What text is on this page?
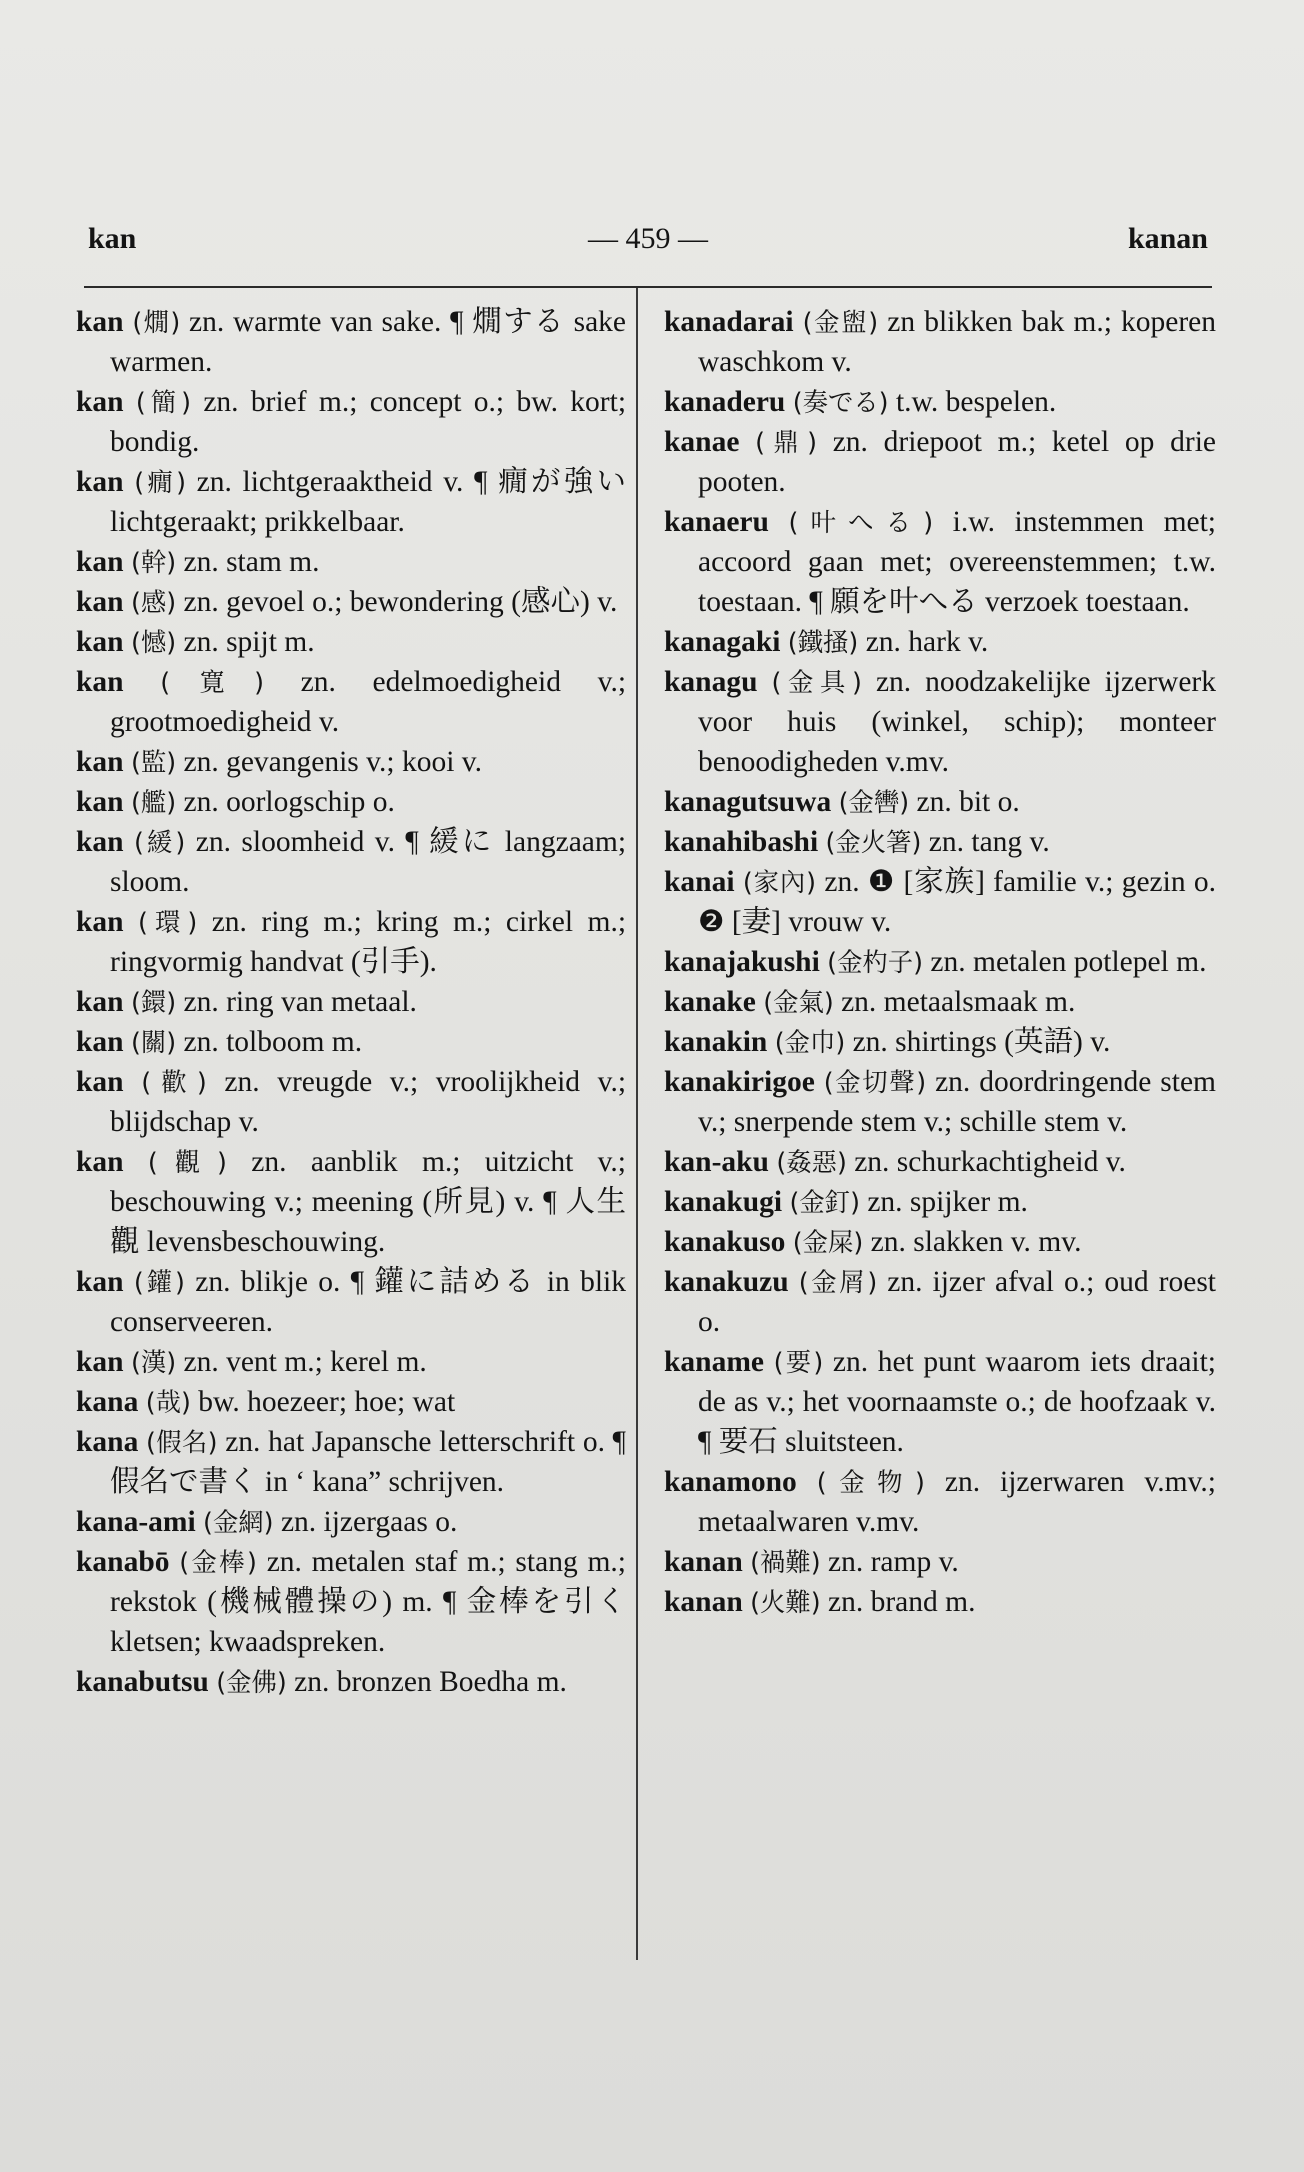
kan	— 459 —	kanan

kan (燗) zn. warmte van sake. ¶ 燗する sake warmen.

kan (簡) zn. brief m.; concept o.; bw. kort; bondig.

kan (癇) zn. lichtgeraaktheid v. ¶ 癇が強い lichtgeraakt; prikkelbaar.

kan (幹) zn. stam m.

kan (感) zn. gevoel o.; bewondering (感心) v.

kan (憾) zn. spijt m.

kan (寛) zn. edelmoedigheid v.; grootmoedigheid v.

kan (監) zn. gevangenis v.; kooi v.

kan (艦) zn. oorlogschip o.

kan (緩) zn. sloomheid v. ¶ 緩に langzaam; sloom.

kan (環) zn. ring m.; kring m.; cirkel m.; ringvormig handvat (引手).

kan (鐶) zn. ring van metaal.

kan (關) zn. tolboom m.

kan (歡) zn. vreugde v.; vroolijkheid v.; blijdschap v.

kan (觀) zn. aanblik m.; uitzicht v.; beschouwing v.; meening (所見) v. ¶ 人生觀 levensbeschouwing.

kan (鑵) zn. blikje o. ¶ 鑵に詰める in blik conserveeren.

kan (漢) zn. vent m.; kerel m.

kana (哉) bw. hoezeer; hoe; wat

kana (假名) zn. hat Japansche letterschrift o. ¶ 假名で書く in ‘ kana” schrijven.

kana-ami (金網) zn. ijzergaas o.

kanabō (金棒) zn. metalen staf m.; stang m.; rekstok (機械體操の) m. ¶ 金棒を引く kletsen; kwaadspreken.

kanabutsu (金佛) zn. bronzen Boedha m.

kanadarai (金盥) zn blikken bak m.; koperen waschkom v.

kanaderu (奏でる) t.w. bespelen.

kanae (鼎) zn. driepoot m.; ketel op drie pooten.

kanaeru (叶へる) i.w. instemmen met; accoord gaan met; overeenstemmen; t.w. toestaan. ¶ 願を叶へる verzoek toestaan.

kanagaki (鐵搔) zn. hark v.

kanagu (金具) zn. noodzakelijke ijzerwerk voor huis (winkel, schip); monteer benoodigheden v.mv.

kanagutsuwa (金轡) zn. bit o.

kanahibashi (金火箸) zn. tang v.

kanai (家內) zn. ❶ [家族] familie v.; gezin o. ❷ [妻] vrouw v.

kanajakushi (金杓子) zn. metalen potlepel m.

kanake (金氣) zn. metaalsmaak m.

kanakin (金巾) zn. shirtings (英語) v.

kanakirigoe (金切聲) zn. doordringende stem v.; snerpende stem v.; schille stem v.

kan-aku (姦惡) zn. schurkachtigheid v.

kanakugi (金釘) zn. spijker m.

kanakuso (金屎) zn. slakken v. mv.

kanakuzu (金屑) zn. ijzer afval o.; oud roest o.

kaname (要) zn. het punt waarom iets draait; de as v.; het voornaamste o.; de hoofzaak v. ¶ 要石 sluitsteen.

kanamono (金物) zn. ijzerwaren v.mv.; metaalwaren v.mv.

kanan (禍難) zn. ramp v.

kanan (火難) zn. brand m.
